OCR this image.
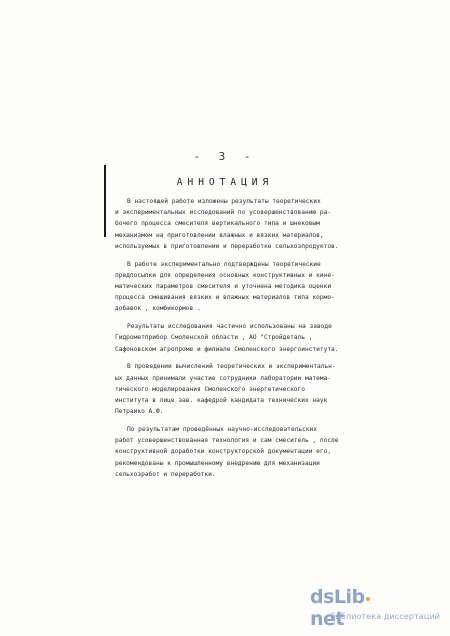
- 3 -
АННОТАЦИЯ
В настоящей работе изложены результаты теоретических
и экспериментальных исследований по усовершенствованию ра-
бочего процесса смесителя вертикального типа и шнековым
механизмом на приготовлении влажных и вязких материалов,
используемых в приготовлении и переработке сельхозпродуктов.
В работе экспериментально подтверждены теоретические
предпосылки для определения основных конструктивных и кине-
матических параметров смесителя и уточнена методика оценки
процесса смешивания вязких и влажных материалов типа кормо-
добавок , комбикормов .
Результаты исследования частично использованы на заводе
Гидрометприбор Смоленской области , АО "Стройдеталь ,
Сафоновском агропроме и филиале Смоленского энергоинститута.
В проведении вычислений теоретических и экспериментальн-
ых данных принимали участие сотрудники лаборатории матема-
тического моделирования Смоленского энергетического
института в лице зав. кафедрой кандидата технических наук
Петраико А.Ф.
По результатам проведённых научно-исследовательских
работ усовершенствованная технология и сам смеситель , после
конструктивной доработки конструкторской документации его,
рекомендованы к промышленному внедрению для механизации
сельхозработ и переработки.
dsLibnet
библиотека диссертаций
